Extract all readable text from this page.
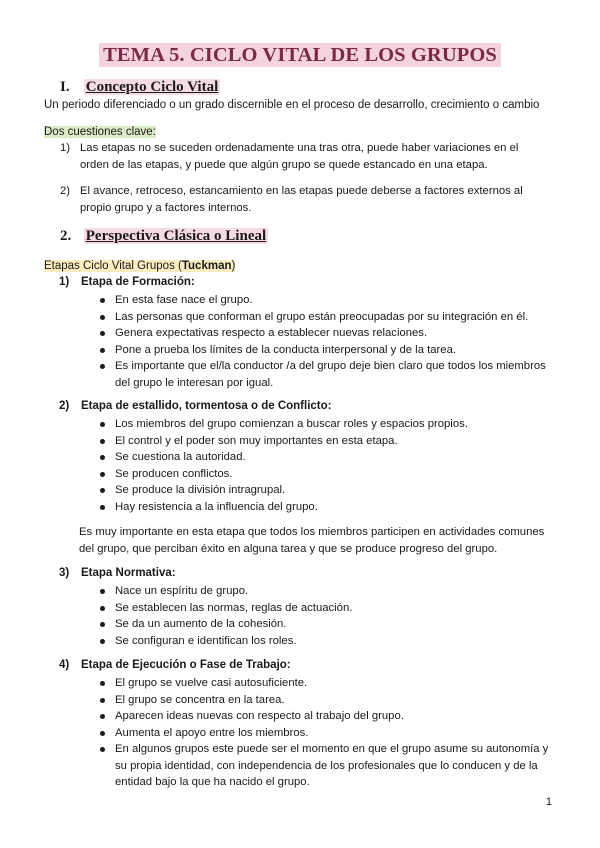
TEMA 5. CICLO VITAL DE LOS GRUPOS
I. Concepto Ciclo Vital
Un periodo diferenciado o un grado discernible en el proceso de desarrollo, crecimiento o cambio
Dos cuestiones clave:
1) Las etapas no se suceden ordenadamente una tras otra, puede haber variaciones en el orden de las etapas, y puede que algún grupo se quede estancado en una etapa.
2) El avance, retroceso, estancamiento en las etapas puede deberse a factores externos al propio grupo y a factores internos.
2. Perspectiva Clásica o Lineal
Etapas Ciclo Vital Grupos (Tuckman)
1) Etapa de Formación:
En esta fase nace el grupo.
Las personas que conforman el grupo están preocupadas por su integración en él.
Genera expectativas respecto a establecer nuevas relaciones.
Pone a prueba los límites de la conducta interpersonal y de la tarea.
Es importante que el/la conductor /a del grupo deje bien claro que todos los miembros del grupo le interesan por igual.
2) Etapa de estallido, tormentosa o de Conflicto:
Los miembros del grupo comienzan a buscar roles y espacios propios.
El control y el poder son muy importantes en esta etapa.
Se cuestiona la autoridad.
Se producen conflictos.
Se produce la división intragrupal.
Hay resistencia a la influencia del grupo.
Es muy importante en esta etapa que todos los miembros participen en actividades comunes del grupo, que perciban éxito en alguna tarea y que se produce progreso del grupo.
3) Etapa Normativa:
Nace un espíritu de grupo.
Se establecen las normas, reglas de actuación.
Se da un aumento de la cohesión.
Se configuran e identifican los roles.
4) Etapa de Ejecución o Fase de Trabajo:
El grupo se vuelve casi autosuficiente.
El grupo se concentra en la tarea.
Aparecen ideas nuevas con respecto al trabajo del grupo.
Aumenta el apoyo entre los miembros.
En algunos grupos este puede ser el momento en que el grupo asume su autonomía y su propia identidad, con independencia de los profesionales que lo conducen y de la entidad bajo la que ha nacido el grupo.
1
